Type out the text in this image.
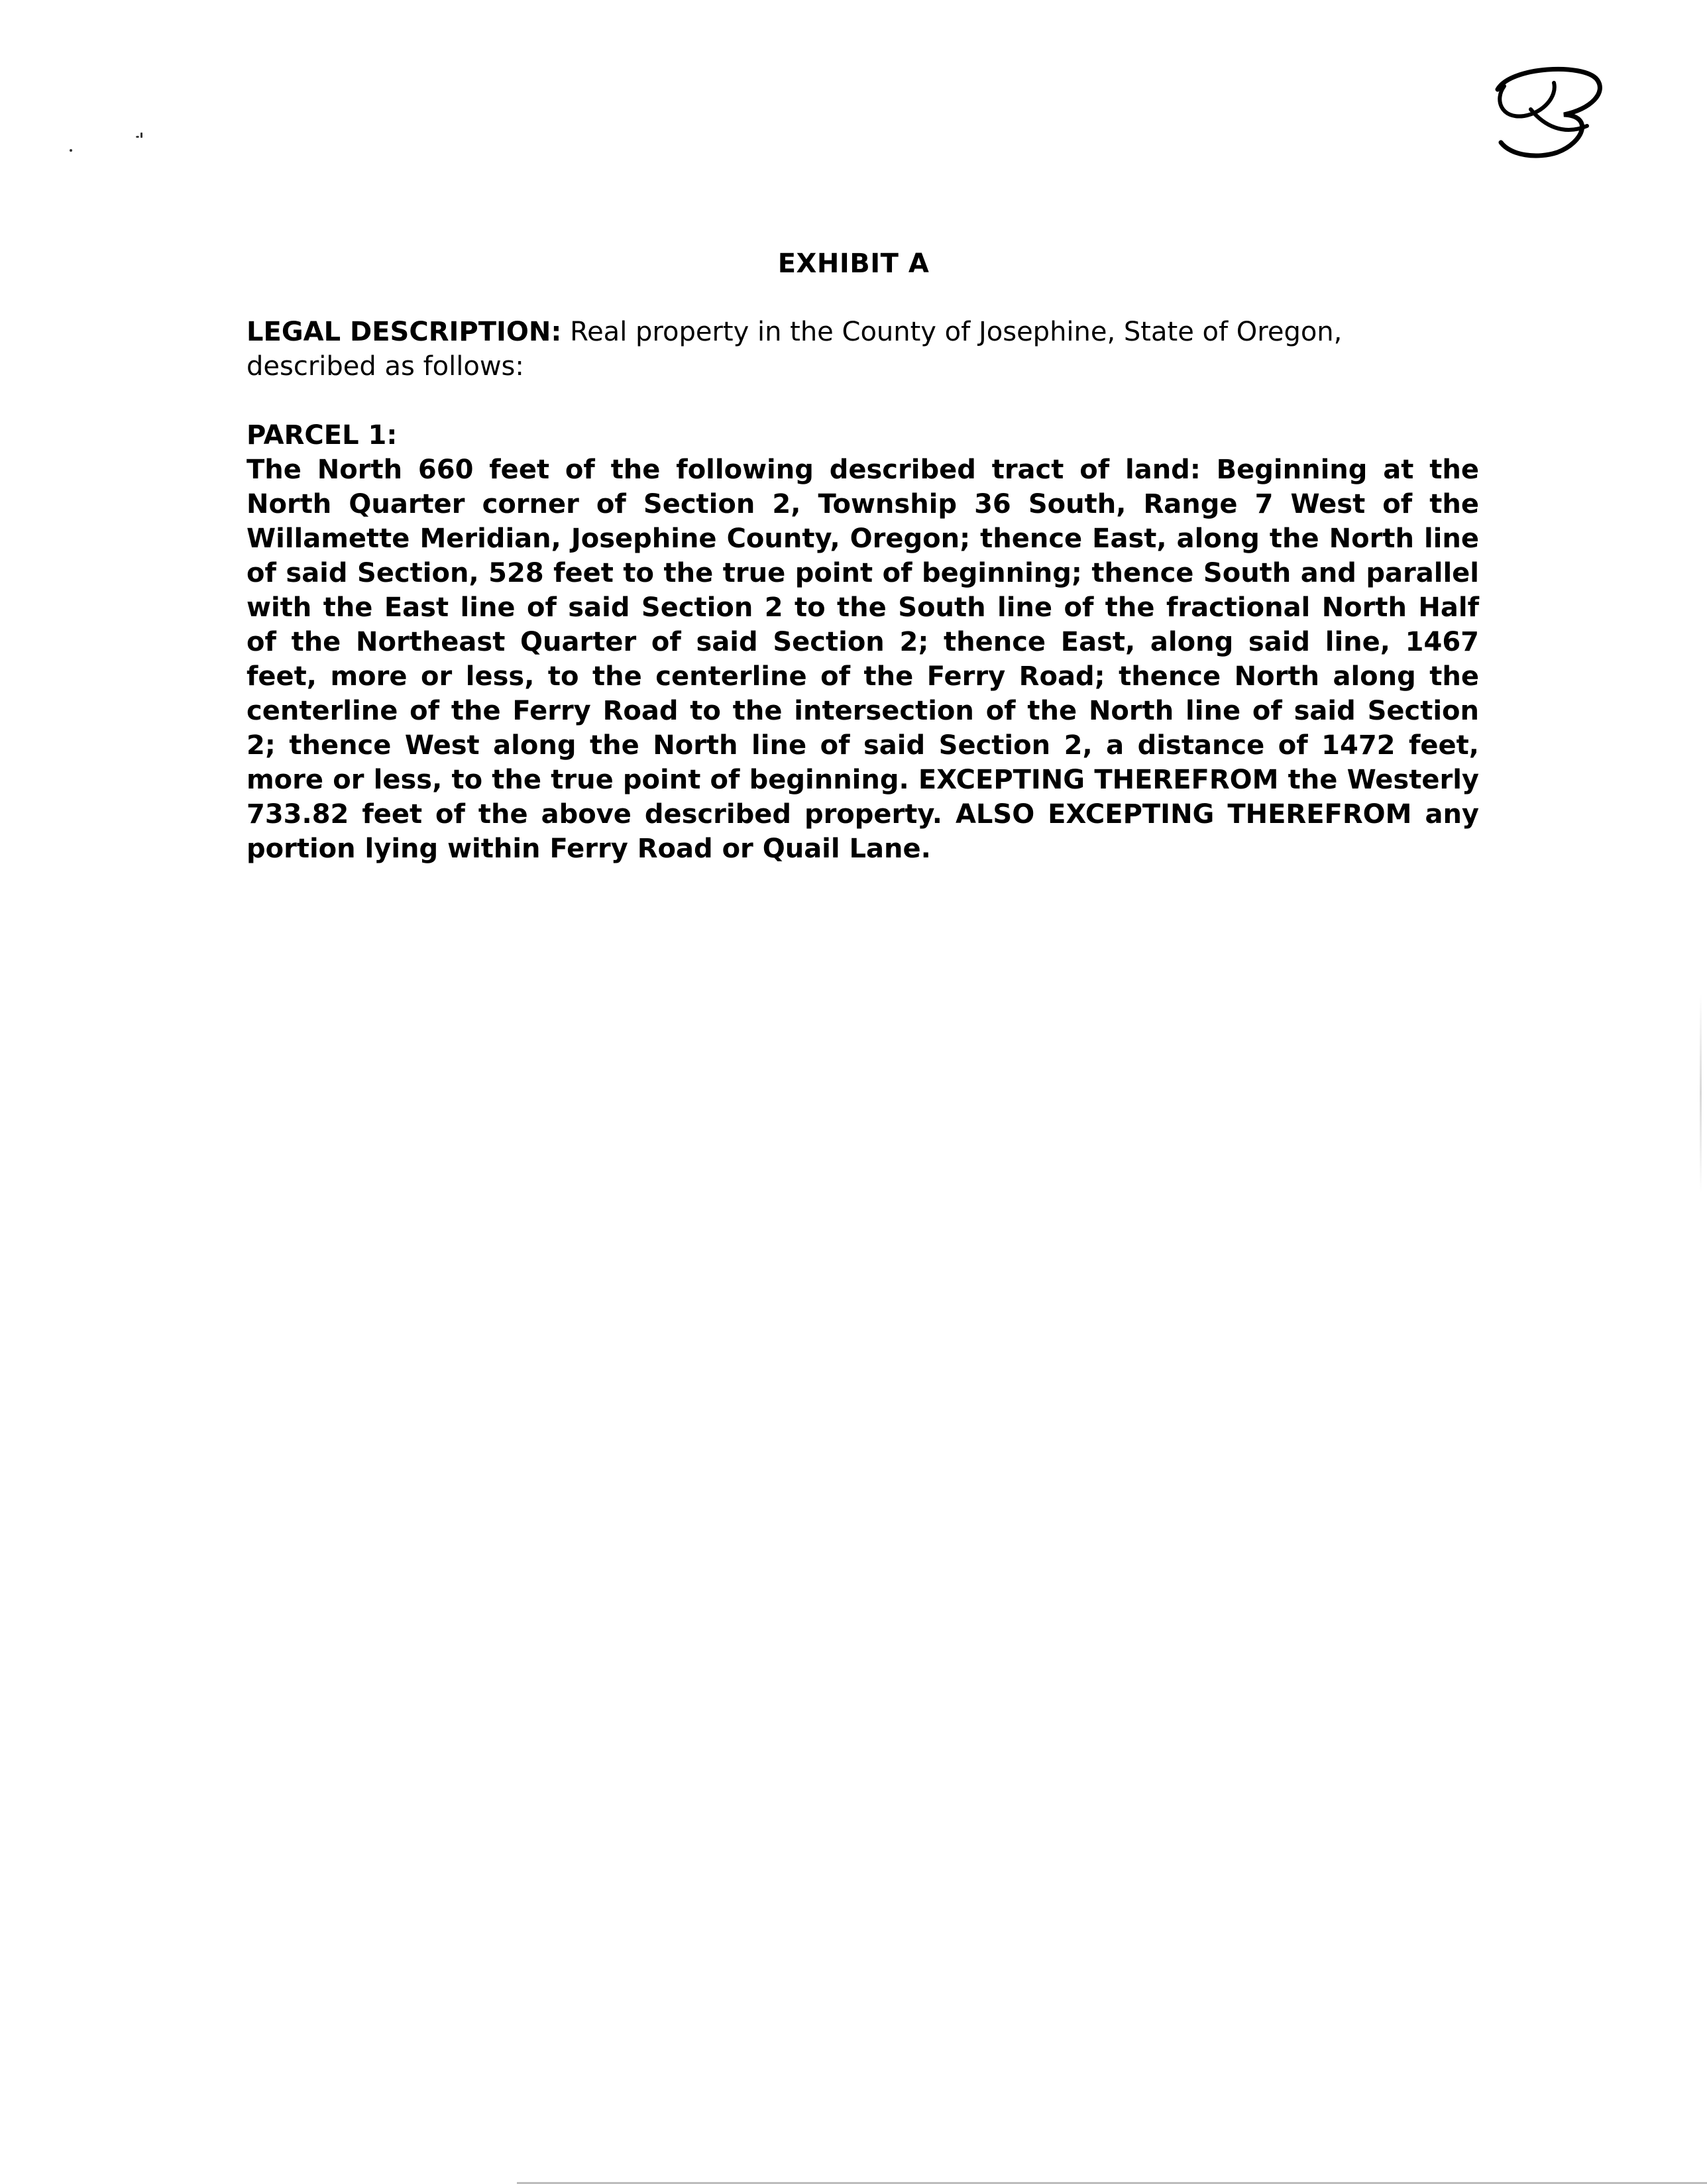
EXHIBIT A

LEGAL DESCRIPTION: Real property in the County of Josephine, State of Oregon, described as follows:

PARCEL 1:

The North 660 feet of the following described tract of land: Beginning at the North Quarter corner of Section 2, Township 36 South, Range 7 West of the Willamette Meridian, Josephine County, Oregon; thence East, along the North line of said Section, 528 feet to the true point of beginning; thence South and parallel with the East line of said Section 2 to the South line of the fractional North Half of the Northeast Quarter of said Section 2; thence East, along said line, 1467 feet, more or less, to the centerline of the Ferry Road; thence North along the centerline of the Ferry Road to the intersection of the North line of said Section 2; thence West along the North line of said Section 2, a distance of 1472 feet, more or less, to the true point of beginning. EXCEPTING THEREFROM the Westerly 733.82 feet of the above described property. ALSO EXCEPTING THEREFROM any portion lying within Ferry Road or Quail Lane.
